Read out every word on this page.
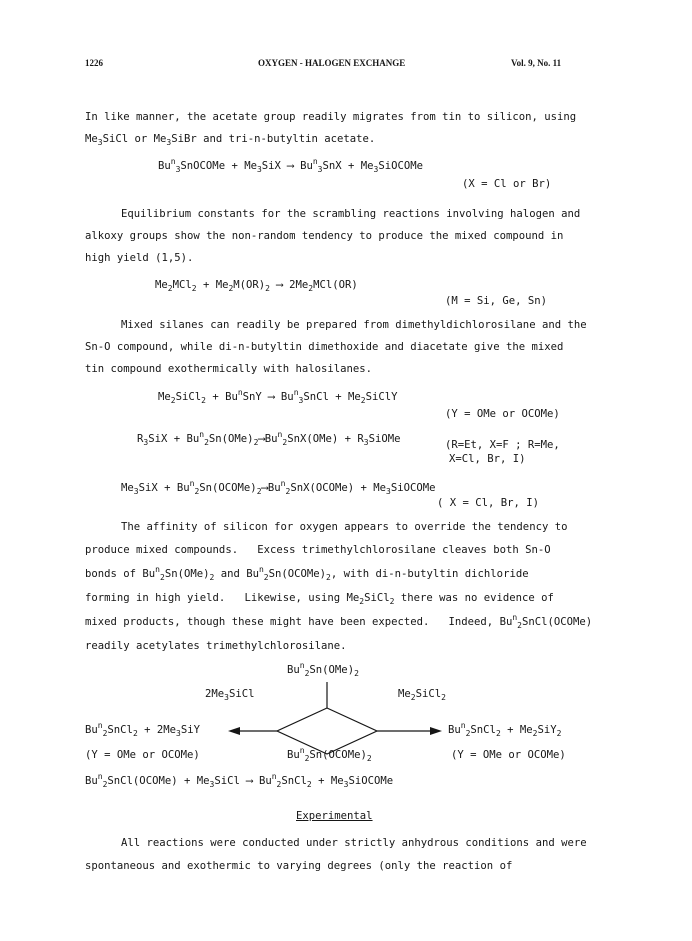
1226	OXYGEN - HALOGEN EXCHANGE	Vol. 9, No. 11
In like manner, the acetate group readily migrates from tin to silicon, using
$Me_3SiCl$ or $Me_3SiBr$ and tri-n-butyltin acetate.
$Bu^n_3SnOCOMe + Me_3SiX$ ⟶ $Bu^n_3SnX$ + $Me_3SiOCOMe$
(X = Cl or Br)
Equilibrium constants for the scrambling reactions involving halogen and
alkoxy groups show the non-random tendency to produce the mixed compound in
high yield (1,5).
$Me_2MCl_2 + Me_2M(OR)_2$ ⟶ $2Me_2MCl(OR)$
(M = Si, Ge, Sn)
Mixed silanes can readily be prepared from dimethyldichlorosilane and the
Sn-O compound, while di-n-butyltin dimethoxide and diacetate give the mixed
tin compound exothermically with halosilanes.
$Me_2SiCl_2 + Bu^nSnY$ ⟶ $Bu^n_3SnCl$ + $Me_2SiClY$
(Y = OMe or OCOMe)
$R_3SiX$ + $Bu^n_2Sn(OMe)_2⟶Bu^n_2SnX(OMe)$ + $R_3SiOMe$	(R=Et, X=F ; R=Me,
X=Cl, Br, I)
$Me_3SiX$ + $Bu^n_2Sn(OCOMe)_2⟶Bu^n_2SnX(OCOMe)$ + $Me_3SiOCOMe$
( X = Cl, Br, I)
The affinity of silicon for oxygen appears to override the tendency to
produce mixed compounds.   Excess trimethylchlorosilane cleaves both Sn-O
bonds of $Bu^n_2Sn(OMe)_2$ and $Bu^n_2Sn(OCOMe)_2$, with di-n-butyltin dichloride
forming in high yield.   Likewise, using $Me_2SiCl_2$ there was no evidence of
mixed products, though these might have been expected.   Indeed, $Bu^n_2SnCl(OCOMe)$
readily acetylates trimethylchlorosilane.
$Bu^n_2Sn(OMe)_2$
$2Me_3SiCl$	$Me_2SiCl_2$
$Bu^n_2SnCl_2 + 2Me_3SiY$	$Bu^n_2SnCl_2 + Me_2SiY_2$
(Y = OMe or OCOMe)	$Bu^n_2Sn(OCOMe)_2$	(Y = OMe or OCOMe)
$Bu^n_2SnCl(OCOMe)$ + $Me_3SiCl$ ⟶ $Bu^n_2SnCl_2$ + $Me_3SiOCOMe$
Experimental
All reactions were conducted under strictly anhydrous conditions and were
spontaneous and exothermic to varying degrees (only the reaction of
